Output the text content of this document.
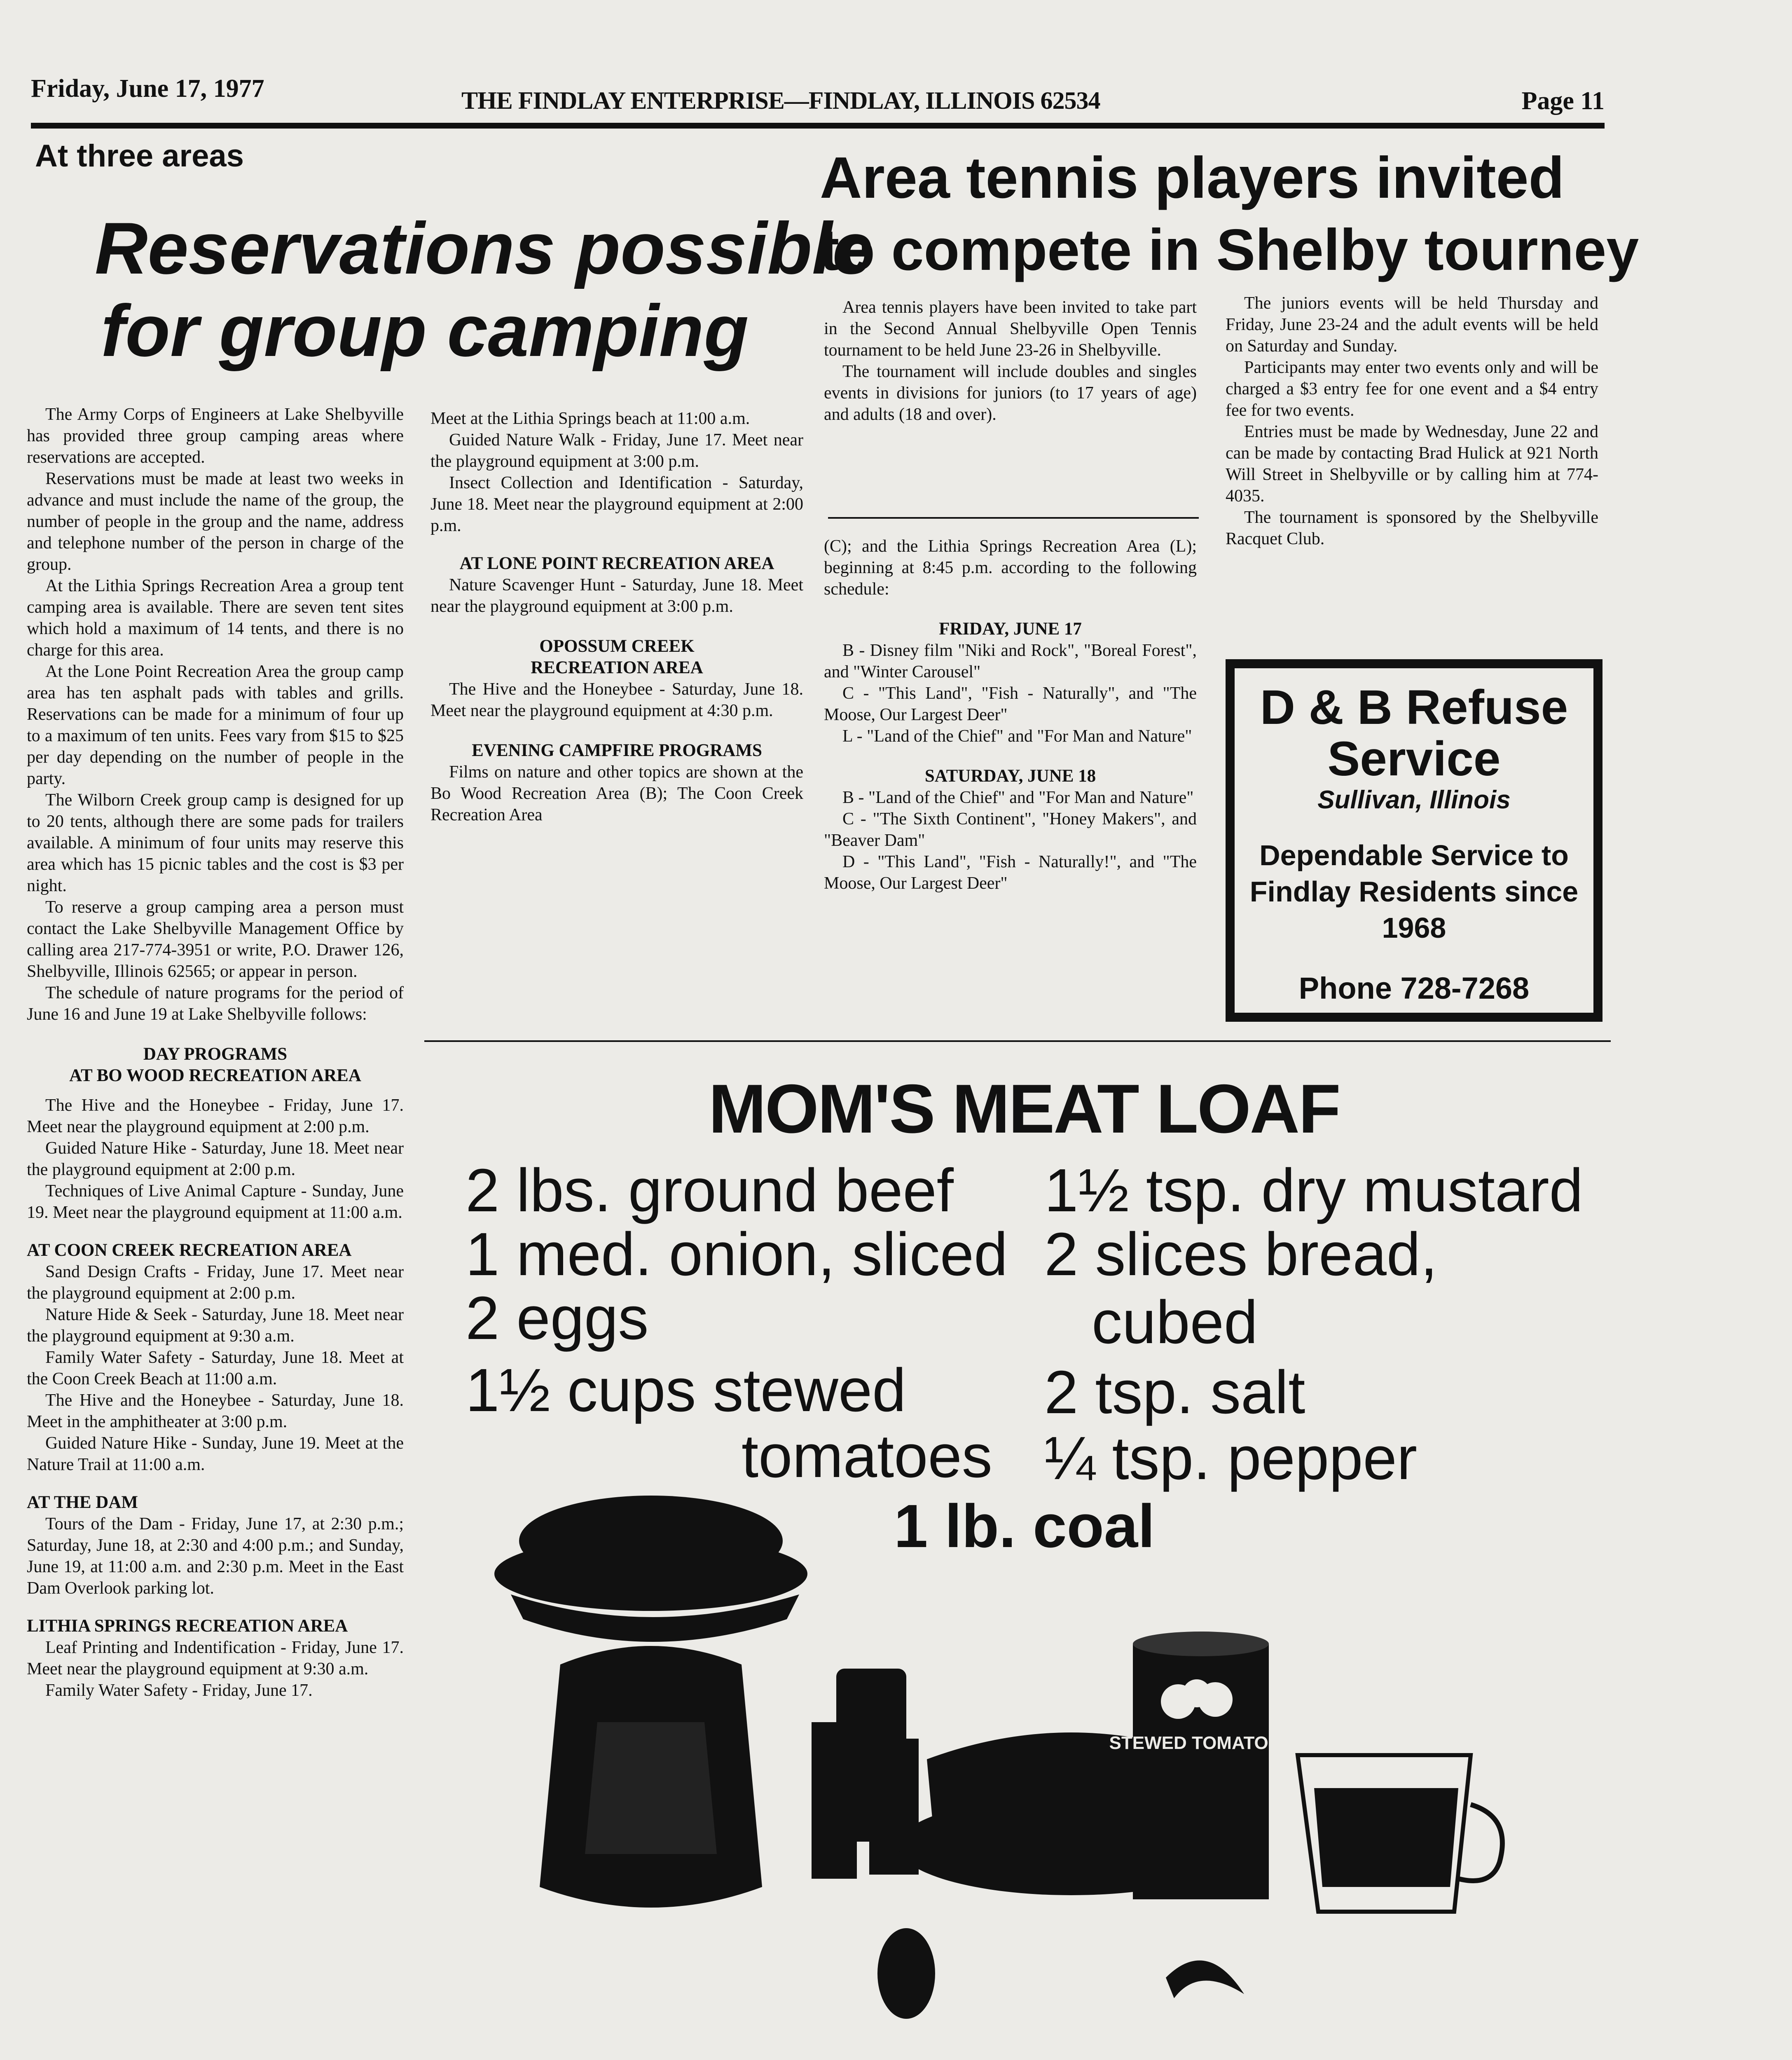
Friday, June 17, 1977	THE FINDLAY ENTERPRISE—FINDLAY, ILLINOIS 62534	Page 11
At three areas
Reservations possible
for group camping

The Army Corps of Engineers at Lake Shelbyville has provided three group camping areas where reservations are accepted.

Reservations must be made at least two weeks in advance and must include the name of the group, the number of people in the group and the name, address and telephone number of the person in charge of the group.

At the Lithia Springs Recreation Area a group tent camping area is available. There are seven tent sites which hold a maximum of 14 tents, and there is no charge for this area.

At the Lone Point Recreation Area the group camp area has ten asphalt pads with tables and grills. Reservations can be made for a minimum of four up to a maximum of ten units. Fees vary from $15 to $25 per day depending on the number of people in the party.

The Wilborn Creek group camp is designed for up to 20 tents, although there are some pads for trailers available. A minimum of four units may reserve this area which has 15 picnic tables and the cost is $3 per night.

To reserve a group camping area a person must contact the Lake Shelbyville Management Office by calling area 217-774-3951 or write, P.O. Drawer 126, Shelbyville, Illinois 62565; or appear in person.

The schedule of nature programs for the period of June 16 and June 19 at Lake Shelbyville follows:

DAY PROGRAMS
AT BO WOOD RECREATION AREA

The Hive and the Honeybee - Friday, June 17. Meet near the playground equipment at 2:00 p.m.

Guided Nature Hike - Saturday, June 18. Meet near the playground equipment at 2:00 p.m.

Techniques of Live Animal Capture - Sunday, June 19. Meet near the playground equipment at 11:00 a.m.

AT COON CREEK RECREATION AREA

Sand Design Crafts - Friday, June 17. Meet near the playground equipment at 2:00 p.m.

Nature Hide & Seek - Saturday, June 18. Meet near the playground equipment at 9:30 a.m.

Family Water Safety - Saturday, June 18. Meet at the Coon Creek Beach at 11:00 a.m.

The Hive and the Honeybee - Saturday, June 18. Meet in the amphitheater at 3:00 p.m.

Guided Nature Hike - Sunday, June 19. Meet at the Nature Trail at 11:00 a.m.

AT THE DAM

Tours of the Dam - Friday, June 17, at 2:30 p.m.; Saturday, June 18, at 2:30 and 4:00 p.m.; and Sunday, June 19, at 11:00 a.m. and 2:30 p.m. Meet in the East Dam Overlook parking lot.

LITHIA SPRINGS RECREATION AREA

Leaf Printing and Indentification - Friday, June 17. Meet near the playground equipment at 9:30 a.m.

Family Water Safety - Friday, June 17.

Meet at the Lithia Springs beach at 11:00 a.m.

Guided Nature Walk - Friday, June 17. Meet near the playground equipment at 3:00 p.m.

Insect Collection and Identification - Saturday, June 18. Meet near the playground equipment at 2:00 p.m.

AT LONE POINT RECREATION AREA

Nature Scavenger Hunt - Saturday, June 18. Meet near the playground equipment at 3:00 p.m.

OPOSSUM CREEK
RECREATION AREA

The Hive and the Honeybee - Saturday, June 18. Meet near the playground equipment at 4:30 p.m.

EVENING CAMPFIRE PROGRAMS

Films on nature and other topics are shown at the Bo Wood Recreation Area (B); The Coon Creek Recreation Area

(C); and the Lithia Springs Recreation Area (L); beginning at 8:45 p.m. according to the following schedule:

FRIDAY, JUNE 17

B - Disney film "Niki and Rock", "Boreal Forest", and "Winter Carousel"

C - "This Land", "Fish - Naturally", and "The Moose, Our Largest Deer"

L - "Land of the Chief" and "For Man and Nature"

SATURDAY, JUNE 18

B - "Land of the Chief" and "For Man and Nature"

C - "The Sixth Continent", "Honey Makers", and "Beaver Dam"

D - "This Land", "Fish - Naturally!", and "The Moose, Our Largest Deer"

Area tennis players invited
to compete in Shelby tourney

Area tennis players have been invited to take part in the Second Annual Shelbyville Open Tennis tournament to be held June 23-26 in Shelbyville.

The tournament will include doubles and singles events in divisions for juniors (to 17 years of age) and adults (18 and over).

The juniors events will be held Thursday and Friday, June 23-24 and the adult events will be held on Saturday and Sunday.

Participants may enter two events only and will be charged a $3 entry fee for one event and a $4 entry fee for two events.

Entries must be made by Wednesday, June 22 and can be made by contacting Brad Hulick at 921 North Will Street in Shelbyville or by calling him at 774-4035.

The tournament is sponsored by the Shelbyville Racquet Club.

D & B Refuse
Service
Sullivan, Illinois
Dependable Service to
Findlay Residents since
1968
Phone 728-7268
MOM'S MEAT LOAF
2 lbs. ground beef
1 med. onion, sliced
2 eggs
1½ cups stewed
tomatoes
1½ tsp. dry mustard
2 slices bread,
cubed
2 tsp. salt
¼ tsp. pepper
1 lb. coal
STEWED TOMATOES
